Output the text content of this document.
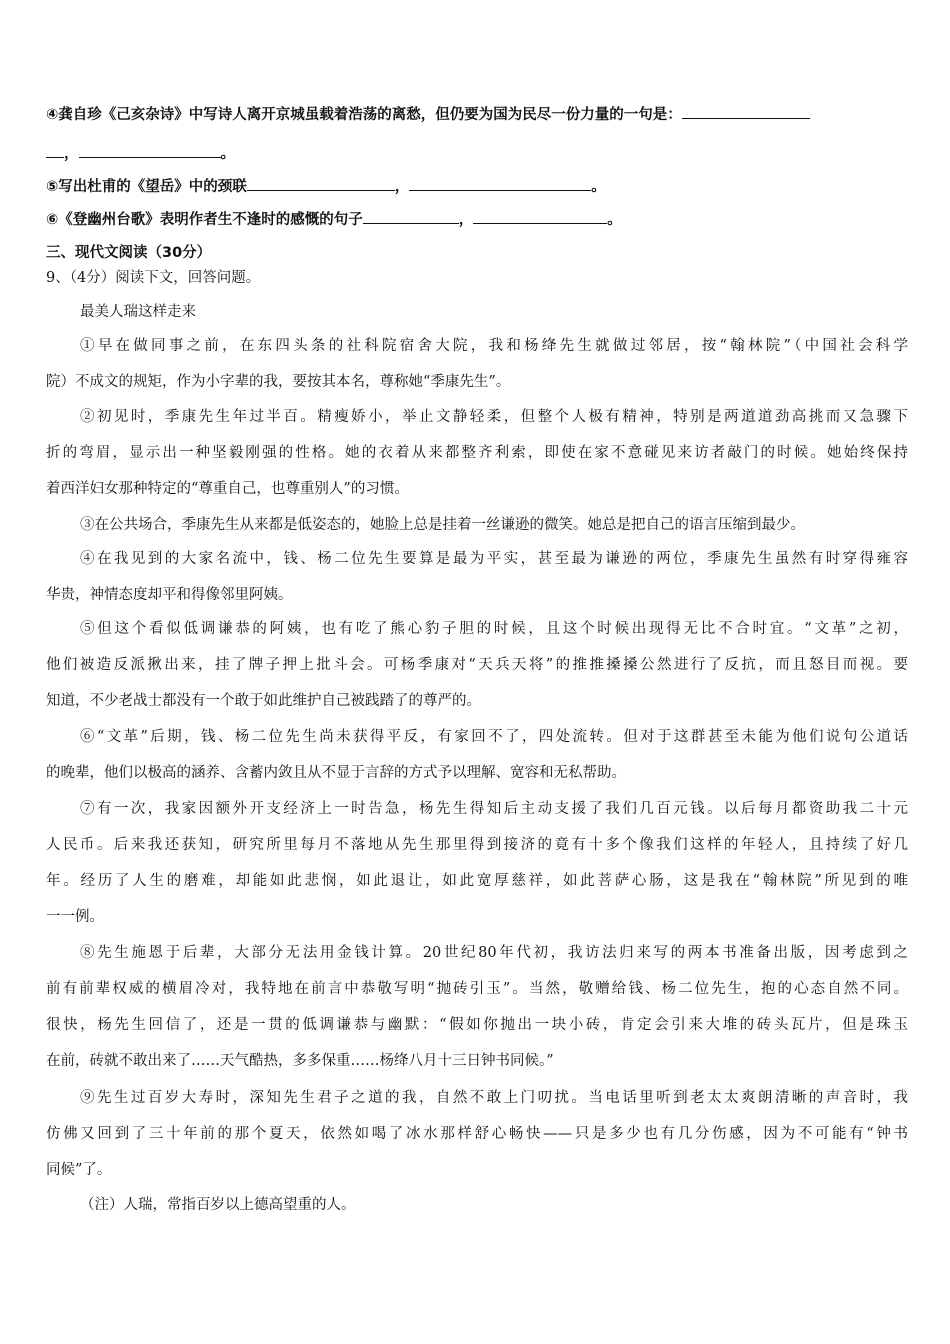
④龚自珍《己亥杂诗》中写诗人离开京城虽载着浩荡的离愁，但仍要为国为民尽一份力量的一句是：
，	。
⑤写出杜甫的《望岳》中的颈联	，	。
⑥《登幽州台歌》表明作者生不逢时的感慨的句子	，	。
三、现代文阅读（30分）
9、（4分）阅读下文，回答问题。
最美人瑞这样走来
①早在做同事之前，在东四头条的社科院宿舍大院，我和杨绛先生就做过邻居，按“翰林院”（中国社会科学
院）不成文的规矩，作为小字辈的我，要按其本名，尊称她“季康先生”。
②初见时，季康先生年过半百。精瘦娇小，举止文静轻柔，但整个人极有精神，特别是两道道劲高挑而又急骤下
折的弯眉，显示出一种坚毅刚强的性格。她的衣着从来都整齐利索，即使在家不意碰见来访者敲门的时候。她始终保持
着西洋妇女那种特定的“尊重自己，也尊重别人”的习惯。
③在公共场合，季康先生从来都是低姿态的，她脸上总是挂着一丝谦逊的微笑。她总是把自己的语言压缩到最少。
④在我见到的大家名流中，钱、杨二位先生要算是最为平实，甚至最为谦逊的两位，季康先生虽然有时穿得雍容
华贵，神情态度却平和得像邻里阿姨。
⑤但这个看似低调谦恭的阿姨，也有吃了熊心豹子胆的时候，且这个时候出现得无比不合时宜。“文革”之初，
他们被造反派揪出来，挂了牌子押上批斗会。可杨季康对“天兵天将”的推推搡搡公然进行了反抗，而且怒目而视。要
知道，不少老战士都没有一个敢于如此维护自己被践踏了的尊严的。
⑥“文革”后期，钱、杨二位先生尚未获得平反，有家回不了，四处流转。但对于这群甚至未能为他们说句公道话
的晚辈，他们以极高的涵养、含蓄内敛且从不显于言辞的方式予以理解、宽容和无私帮助。
⑦有一次，我家因额外开支经济上一时告急，杨先生得知后主动支援了我们几百元钱。以后每月都资助我二十元
人民币。后来我还获知，研究所里每月不落地从先生那里得到接济的竟有十多个像我们这样的年轻人，且持续了好几
年。经历了人生的磨难，却能如此悲悯，如此退让，如此宽厚慈祥，如此菩萨心肠，这是我在“翰林院”所见到的唯
一一例。
⑧先生施恩于后辈，大部分无法用金钱计算。20世纪80年代初，我访法归来写的两本书准备出版，因考虑到之
前有前辈权威的横眉冷对，我特地在前言中恭敬写明“抛砖引玉”。当然，敬赠给钱、杨二位先生，抱的心态自然不同。
很快，杨先生回信了，还是一贯的低调谦恭与幽默：“假如你抛出一块小砖，肯定会引来大堆的砖头瓦片，但是珠玉
在前，砖就不敢出来了……天气酷热，多多保重……杨绛八月十三日钟书同候。”
⑨先生过百岁大寿时，深知先生君子之道的我，自然不敢上门叨扰。当电话里听到老太太爽朗清晰的声音时，我
仿佛又回到了三十年前的那个夏天，依然如喝了冰水那样舒心畅快——只是多少也有几分伤感，因为不可能有“钟书
同候”了。
（注）人瑞，常指百岁以上德高望重的人。
